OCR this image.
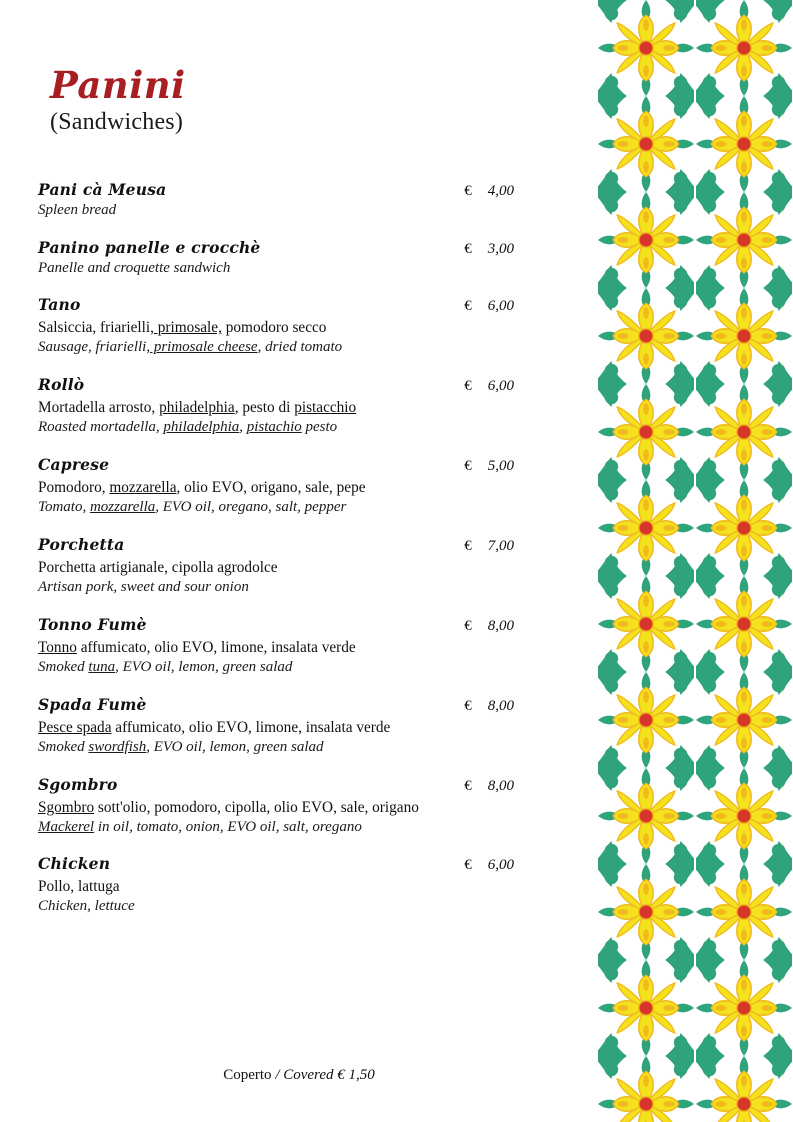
Panini
(Sandwiches)
Pani cà Meusa	€ 4,00
Spleen bread
Panino panelle e crocchè	€ 3,00
Panelle and croquette sandwich
Tano	€ 6,00
Salsiccia, friarielli, primosale, pomodoro secco
Sausage, friarielli, primosale cheese, dried tomato
Rollò	€ 6,00
Mortadella arrosto, philadelphia, pesto di pistacchio
Roasted mortadella, philadelphia, pistachio pesto
Caprese	€ 5,00
Pomodoro, mozzarella, olio EVO, origano, sale, pepe
Tomato, mozzarella, EVO oil, oregano, salt, pepper
Porchetta	€ 7,00
Porchetta artigianale, cipolla agrodolce
Artisan pork, sweet and sour onion
Tonno Fumè	€ 8,00
Tonno affumicato, olio EVO, limone, insalata verde
Smoked tuna, EVO oil, lemon, green salad
Spada Fumè	€ 8,00
Pesce spada affumicato, olio EVO, limone, insalata verde
Smoked swordfish, EVO oil, lemon, green salad
Sgombro	€ 8,00
Sgombro sott'olio, pomodoro, cipolla, olio EVO, sale, origano
Mackerel in oil, tomato, onion, EVO oil, salt, oregano
Chicken	€ 6,00
Pollo, lattuga
Chicken, lettuce
Coperto / Covered € 1,50
